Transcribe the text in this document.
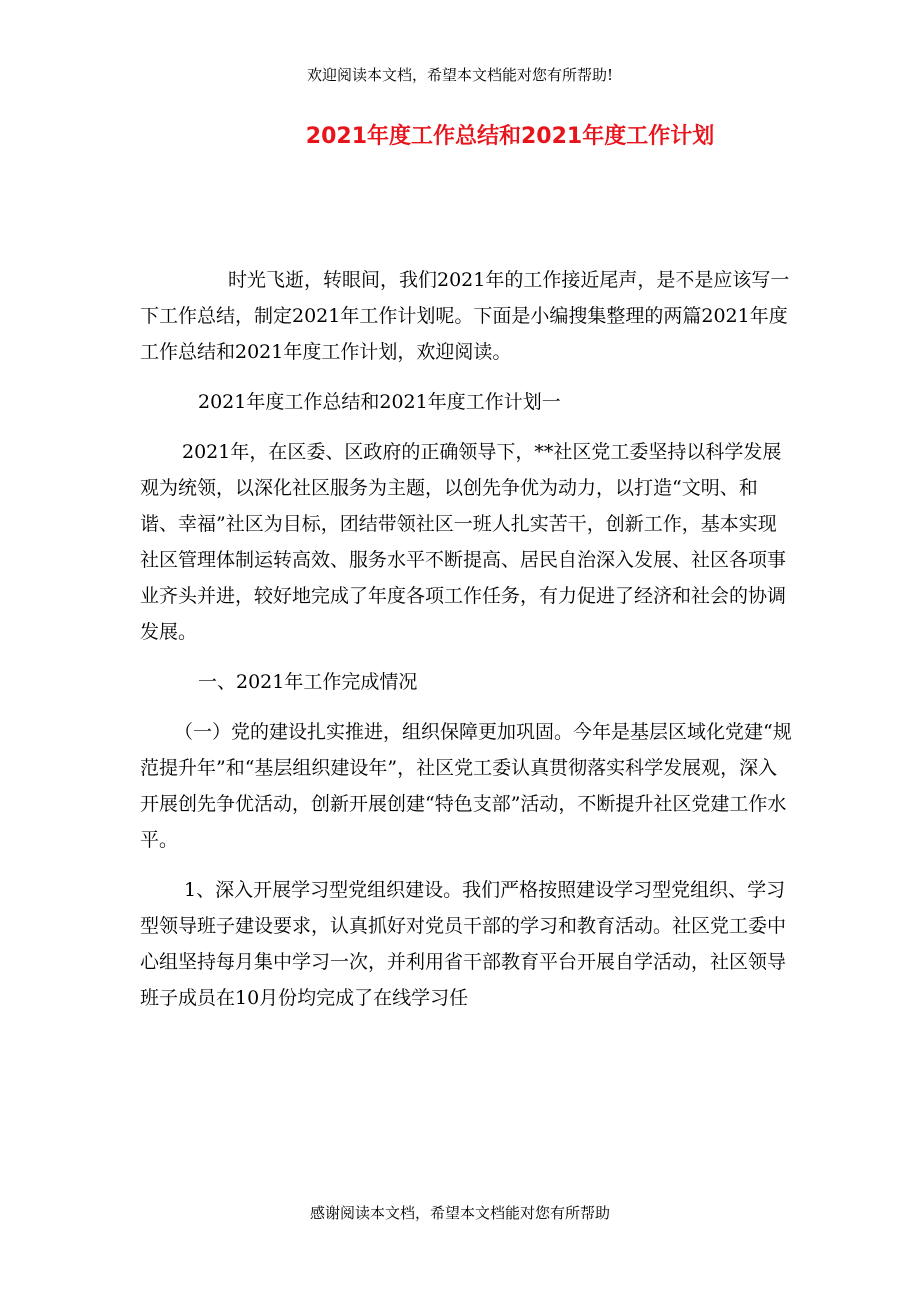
欢迎阅读本文档，希望本文档能对您有所帮助!
2021年度工作总结和2021年度工作计划

时光飞逝，转眼间，我们2021年的工作接近尾声，是不是应该写一下工作总结，制定2021年工作计划呢。下面是小编搜集整理的两篇2021年度工作总结和2021年度工作计划，欢迎阅读。

2021年度工作总结和2021年度工作计划一

2021年，在区委、区政府的正确领导下，**社区党工委坚持以科学发展观为统领，以深化社区服务为主题，以创先争优为动力，以打造“文明、和谐、幸福”社区为目标，团结带领社区一班人扎实苦干，创新工作，基本实现社区管理体制运转高效、服务水平不断提高、居民自治深入发展、社区各项事业齐头并进，较好地完成了年度各项工作任务，有力促进了经济和社会的协调发展。

一、2021年工作完成情况

（一）党的建设扎实推进，组织保障更加巩固。今年是基层区域化党建“规范提升年”和“基层组织建设年”，社区党工委认真贯彻落实科学发展观，深入开展创先争优活动，创新开展创建“特色支部”活动，不断提升社区党建工作水平。

1、深入开展学习型党组织建设。我们严格按照建设学习型党组织、学习型领导班子建设要求，认真抓好对党员干部的学习和教育活动。社区党工委中心组坚持每月集中学习一次，并利用省干部教育平台开展自学活动，社区领导班子成员在10月份均完成了在线学习任

感谢阅读本文档，希望本文档能对您有所帮助
